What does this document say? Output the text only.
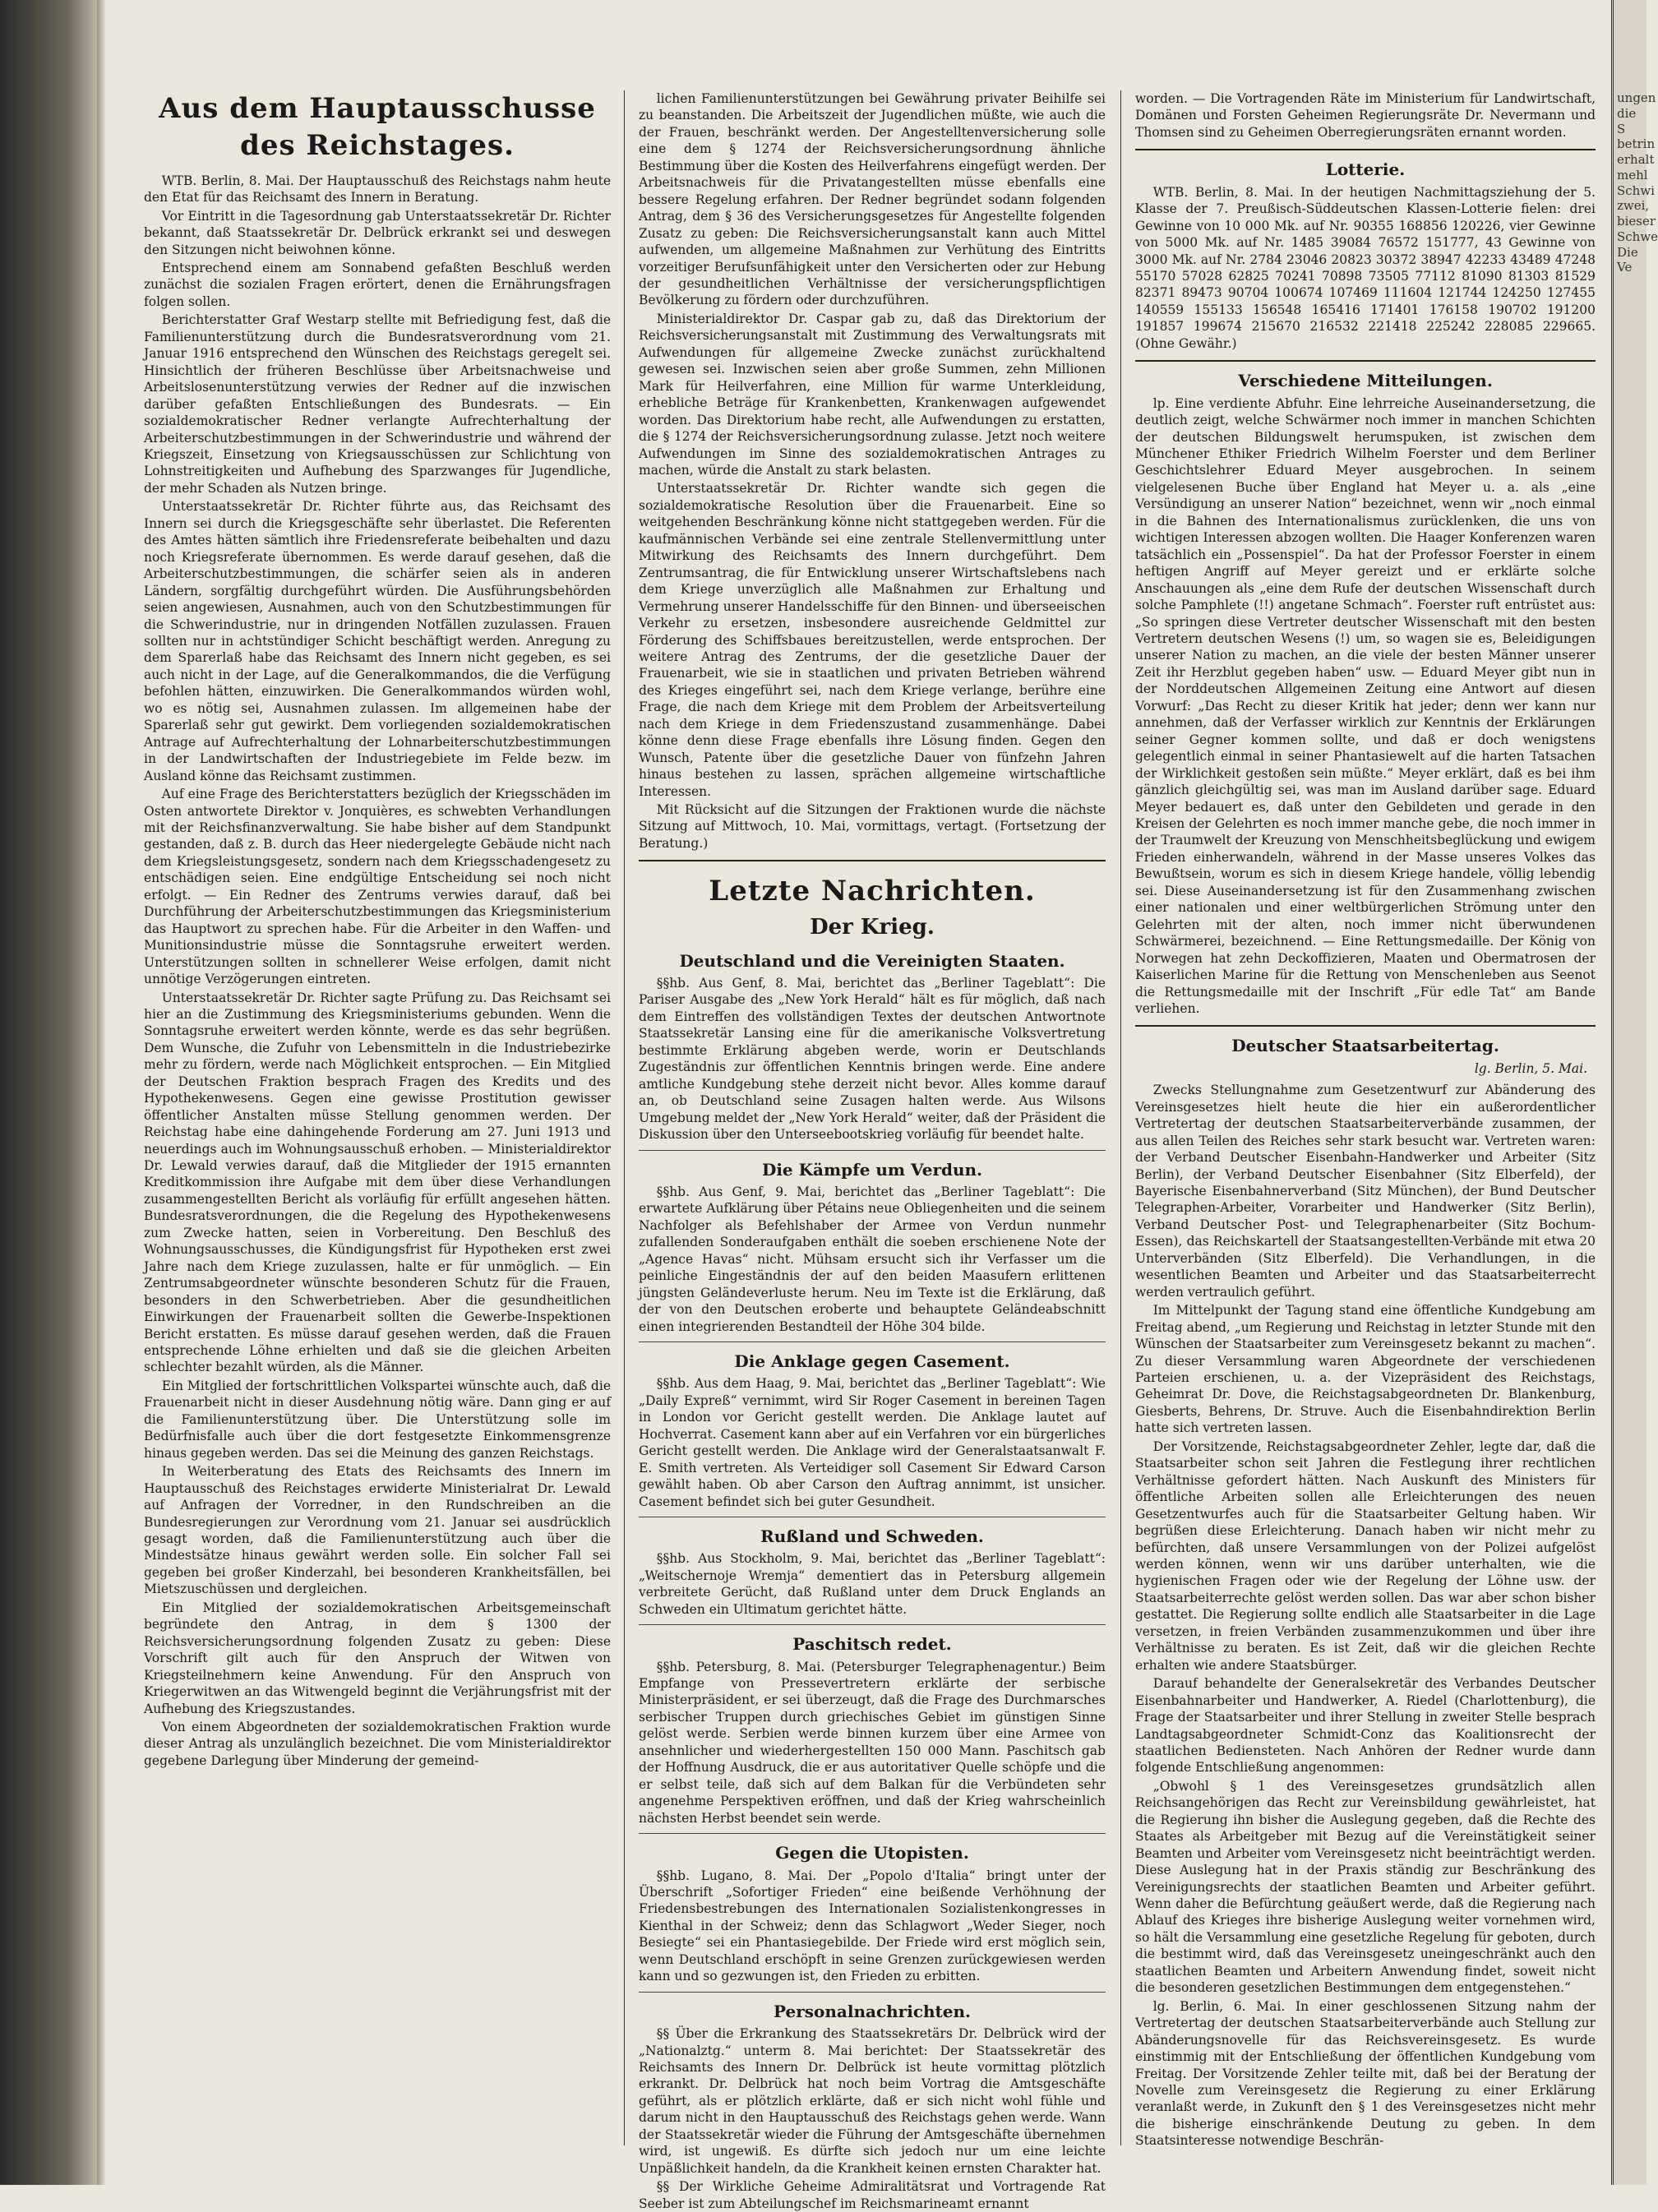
ungen
die S
betrin
erhalt
mehl
Schwi
zwei,
bieser
Schwe
Die Ve

Aus dem Hauptausschusse des Reichstages.

WTB. Berlin, 8. Mai. Der Hauptausschuß des Reichstags nahm heute den Etat für das Reichsamt des Innern in Beratung.

Vor Eintritt in die Tagesordnung gab Unterstaatssekretär Dr. Richter bekannt, daß Staatssekretär Dr. Delbrück erkrankt sei und deswegen den Sitzungen nicht beiwohnen könne.

Entsprechend einem am Sonnabend gefaßten Beschluß werden zunächst die sozialen Fragen erörtert, denen die Ernährungsfragen folgen sollen.

Berichterstatter Graf Westarp stellte mit Befriedigung fest, daß die Familienunterstützung durch die Bundesratsverordnung vom 21. Januar 1916 entsprechend den Wünschen des Reichstags geregelt sei. Hinsichtlich der früheren Beschlüsse über Arbeitsnachweise und Arbeitslosenunterstützung verwies der Redner auf die inzwischen darüber gefaßten Entschließungen des Bundesrats. — Ein sozialdemokratischer Redner verlangte Aufrechterhaltung der Arbeiterschutzbestimmungen in der Schwerindustrie und während der Kriegszeit, Einsetzung von Kriegsausschüssen zur Schlichtung von Lohnstreitigkeiten und Aufhebung des Sparzwanges für Jugendliche, der mehr Schaden als Nutzen bringe.

Unterstaatssekretär Dr. Richter führte aus, das Reichsamt des Innern sei durch die Kriegsgeschäfte sehr überlastet. Die Referenten des Amtes hätten sämtlich ihre Friedensreferate beibehalten und dazu noch Kriegsreferate übernommen. Es werde darauf gesehen, daß die Arbeiterschutzbestimmungen, die schärfer seien als in anderen Ländern, sorgfältig durchgeführt würden. Die Ausführungsbehörden seien angewiesen, Ausnahmen, auch von den Schutzbestimmungen für die Schwerindustrie, nur in dringenden Notfällen zuzulassen. Frauen sollten nur in achtstündiger Schicht beschäftigt werden. Anregung zu dem Sparerlaß habe das Reichsamt des Innern nicht gegeben, es sei auch nicht in der Lage, auf die Generalkommandos, die die Verfügung befohlen hätten, einzuwirken. Die Generalkommandos würden wohl, wo es nötig sei, Ausnahmen zulassen. Im allgemeinen habe der Sparerlaß sehr gut gewirkt. Dem vorliegenden sozialdemokratischen Antrage auf Aufrechterhaltung der Lohnarbeiterschutzbestimmungen in der Landwirtschaften der Industriegebiete im Felde bezw. im Ausland könne das Reichsamt zustimmen.

Auf eine Frage des Berichterstatters bezüglich der Kriegsschäden im Osten antwortete Direktor v. Jonquières, es schwebten Verhandlungen mit der Reichsfinanzverwaltung. Sie habe bisher auf dem Standpunkt gestanden, daß z. B. durch das Heer niedergelegte Gebäude nicht nach dem Kriegsleistungsgesetz, sondern nach dem Kriegsschadengesetz zu entschädigen seien. Eine endgültige Entscheidung sei noch nicht erfolgt. — Ein Redner des Zentrums verwies darauf, daß bei Durchführung der Arbeiterschutzbestimmungen das Kriegsministerium das Hauptwort zu sprechen habe. Für die Arbeiter in den Waffen- und Munitionsindustrie müsse die Sonntagsruhe erweitert werden. Unterstützungen sollten in schnellerer Weise erfolgen, damit nicht unnötige Verzögerungen eintreten.

Unterstaatssekretär Dr. Richter sagte Prüfung zu. Das Reichsamt sei hier an die Zustimmung des Kriegsministeriums gebunden. Wenn die Sonntagsruhe erweitert werden könnte, werde es das sehr begrüßen. Dem Wunsche, die Zufuhr von Lebensmitteln in die Industriebezirke mehr zu fördern, werde nach Möglichkeit entsprochen. — Ein Mitglied der Deutschen Fraktion besprach Fragen des Kredits und des Hypothekenwesens. Gegen eine gewisse Prostitution gewisser öffentlicher Anstalten müsse Stellung genommen werden. Der Reichstag habe eine dahingehende Forderung am 27. Juni 1913 und neuerdings auch im Wohnungsausschuß erhoben. — Ministerialdirektor Dr. Lewald verwies darauf, daß die Mitglieder der 1915 ernannten Kreditkommission ihre Aufgabe mit dem über diese Verhandlungen zusammengestellten Bericht als vorläufig für erfüllt angesehen hätten. Bundesratsverordnungen, die die Regelung des Hypothekenwesens zum Zwecke hatten, seien in Vorbereitung. Den Beschluß des Wohnungsausschusses, die Kündigungsfrist für Hypotheken erst zwei Jahre nach dem Kriege zuzulassen, halte er für unmöglich. — Ein Zentrumsabgeordneter wünschte besonderen Schutz für die Frauen, besonders in den Schwerbetrieben. Aber die gesundheitlichen Einwirkungen der Frauenarbeit sollten die Gewerbe-Inspektionen Bericht erstatten. Es müsse darauf gesehen werden, daß die Frauen entsprechende Löhne erhielten und daß sie die gleichen Arbeiten schlechter bezahlt würden, als die Männer.

Ein Mitglied der fortschrittlichen Volkspartei wünschte auch, daß die Frauenarbeit nicht in dieser Ausdehnung nötig wäre. Dann ging er auf die Familienunterstützung über. Die Unterstützung solle im Bedürfnisfalle auch über die dort festgesetzte Einkommensgrenze hinaus gegeben werden. Das sei die Meinung des ganzen Reichstags.

In Weiterberatung des Etats des Reichsamts des Innern im Hauptausschuß des Reichstages erwiderte Ministerialrat Dr. Lewald auf Anfragen der Vorredner, in den Rundschreiben an die Bundesregierungen zur Verordnung vom 21. Januar sei ausdrücklich gesagt worden, daß die Familienunterstützung auch über die Mindestsätze hinaus gewährt werden solle. Ein solcher Fall sei gegeben bei großer Kinderzahl, bei besonderen Krankheitsfällen, bei Mietszuschüssen und dergleichen.

Ein Mitglied der sozialdemokratischen Arbeitsgemeinschaft begründete den Antrag, in dem § 1300 der Reichsversicherungsordnung folgenden Zusatz zu geben: Diese Vorschrift gilt auch für den Anspruch der Witwen von Kriegsteilnehmern keine Anwendung. Für den Anspruch von Kriegerwitwen an das Witwengeld beginnt die Verjährungsfrist mit der Aufhebung des Kriegszustandes.

Von einem Abgeordneten der sozialdemokratischen Fraktion wurde dieser Antrag als unzulänglich bezeichnet. Die vom Ministerialdirektor gegebene Darlegung über Minderung der gemeind-

lichen Familienunterstützungen bei Gewährung privater Beihilfe sei zu beanstanden. Die Arbeitszeit der Jugendlichen müßte, wie auch die der Frauen, beschränkt werden. Der Angestelltenversicherung solle eine dem § 1274 der Reichsversicherungsordnung ähnliche Bestimmung über die Kosten des Heilverfahrens eingefügt werden. Der Arbeitsnachweis für die Privatangestellten müsse ebenfalls eine bessere Regelung erfahren. Der Redner begründet sodann folgenden Antrag, dem § 36 des Versicherungsgesetzes für Angestellte folgenden Zusatz zu geben: Die Reichsversicherungsanstalt kann auch Mittel aufwenden, um allgemeine Maßnahmen zur Verhütung des Eintritts vorzeitiger Berufsunfähigkeit unter den Versicherten oder zur Hebung der gesundheitlichen Verhältnisse der versicherungspflichtigen Bevölkerung zu fördern oder durchzuführen.

Ministerialdirektor Dr. Caspar gab zu, daß das Direktorium der Reichsversicherungsanstalt mit Zustimmung des Verwaltungsrats mit Aufwendungen für allgemeine Zwecke zunächst zurückhaltend gewesen sei. Inzwischen seien aber große Summen, zehn Millionen Mark für Heilverfahren, eine Million für warme Unterkleidung, erhebliche Beträge für Krankenbetten, Krankenwagen aufgewendet worden. Das Direktorium habe recht, alle Aufwendungen zu erstatten, die § 1274 der Reichsversicherungsordnung zulasse. Jetzt noch weitere Aufwendungen im Sinne des sozialdemokratischen Antrages zu machen, würde die Anstalt zu stark belasten.

Unterstaatssekretär Dr. Richter wandte sich gegen die sozialdemokratische Resolution über die Frauenarbeit. Eine so weitgehenden Beschränkung könne nicht stattgegeben werden. Für die kaufmännischen Verbände sei eine zentrale Stellenvermittlung unter Mitwirkung des Reichsamts des Innern durchgeführt. Dem Zentrumsantrag, die für Entwicklung unserer Wirtschaftslebens nach dem Kriege unverzüglich alle Maßnahmen zur Erhaltung und Vermehrung unserer Handelsschiffe für den Binnen- und überseeischen Verkehr zu ersetzen, insbesondere ausreichende Geldmittel zur Förderung des Schiffsbaues bereitzustellen, werde entsprochen. Der weitere Antrag des Zentrums, der die gesetzliche Dauer der Frauenarbeit, wie sie in staatlichen und privaten Betrieben während des Krieges eingeführt sei, nach dem Kriege verlange, berühre eine Frage, die nach dem Kriege mit dem Problem der Arbeitsverteilung nach dem Kriege in dem Friedenszustand zusammenhänge. Dabei könne denn diese Frage ebenfalls ihre Lösung finden. Gegen den Wunsch, Patente über die gesetzliche Dauer von fünfzehn Jahren hinaus bestehen zu lassen, sprächen allgemeine wirtschaftliche Interessen.

Mit Rücksicht auf die Sitzungen der Fraktionen wurde die nächste Sitzung auf Mittwoch, 10. Mai, vormittags, vertagt. (Fortsetzung der Beratung.)

Letzte Nachrichten.
Der Krieg.
Deutschland und die Vereinigten Staaten.

§§hb. Aus Genf, 8. Mai, berichtet das „Berliner Tageblatt“: Die Pariser Ausgabe des „New York Herald“ hält es für möglich, daß nach dem Eintreffen des vollständigen Textes der deutschen Antwortnote Staatssekretär Lansing eine für die amerikanische Volksvertretung bestimmte Erklärung abgeben werde, worin er Deutschlands Zugeständnis zur öffentlichen Kenntnis bringen werde. Eine andere amtliche Kundgebung stehe derzeit nicht bevor. Alles komme darauf an, ob Deutschland seine Zusagen halten werde. Aus Wilsons Umgebung meldet der „New York Herald“ weiter, daß der Präsident die Diskussion über den Unterseebootskrieg vorläufig für beendet halte.

Die Kämpfe um Verdun.

§§hb. Aus Genf, 9. Mai, berichtet das „Berliner Tageblatt“: Die erwartete Aufklärung über Pétains neue Obliegenheiten und die seinem Nachfolger als Befehlshaber der Armee von Verdun nunmehr zufallenden Sonderaufgaben enthält die soeben erschienene Note der „Agence Havas“ nicht. Mühsam ersucht sich ihr Verfasser um die peinliche Eingeständnis der auf den beiden Maasufern erlittenen jüngsten Geländeverluste herum. Neu im Texte ist die Erklärung, daß der von den Deutschen eroberte und behauptete Geländeabschnitt einen integrierenden Bestandteil der Höhe 304 bilde.

Die Anklage gegen Casement.

§§hb. Aus dem Haag, 9. Mai, berichtet das „Berliner Tageblatt“: Wie „Daily Expreß“ vernimmt, wird Sir Roger Casement in bereinen Tagen in London vor Gericht gestellt werden. Die Anklage lautet auf Hochverrat. Casement kann aber auf ein Verfahren vor ein bürgerliches Gericht gestellt werden. Die Anklage wird der Generalstaatsanwalt F. E. Smith vertreten. Als Verteidiger soll Casement Sir Edward Carson gewählt haben. Ob aber Carson den Auftrag annimmt, ist unsicher. Casement befindet sich bei guter Gesundheit.

Rußland und Schweden.

§§hb. Aus Stockholm, 9. Mai, berichtet das „Berliner Tageblatt“: „Weitschernoje Wremja“ dementiert das in Petersburg allgemein verbreitete Gerücht, daß Rußland unter dem Druck Englands an Schweden ein Ultimatum gerichtet hätte.

Paschitsch redet.

§§hb. Petersburg, 8. Mai. (Petersburger Telegraphenagentur.) Beim Empfange von Pressevertretern erklärte der serbische Ministerpräsident, er sei überzeugt, daß die Frage des Durchmarsches serbischer Truppen durch griechisches Gebiet im günstigen Sinne gelöst werde. Serbien werde binnen kurzem über eine Armee von ansehnlicher und wiederhergestellten 150 000 Mann. Paschitsch gab der Hoffnung Ausdruck, die er aus autoritativer Quelle schöpfe und die er selbst teile, daß sich auf dem Balkan für die Verbündeten sehr angenehme Perspektiven eröffnen, und daß der Krieg wahrscheinlich nächsten Herbst beendet sein werde.

Gegen die Utopisten.

§§hb. Lugano, 8. Mai. Der „Popolo d'Italia“ bringt unter der Überschrift „Sofortiger Frieden“ eine beißende Verhöhnung der Friedensbestrebungen des Internationalen Sozialistenkongresses in Kienthal in der Schweiz; denn das Schlagwort „Weder Sieger, noch Besiegte“ sei ein Phantasiegebilde. Der Friede wird erst möglich sein, wenn Deutschland erschöpft in seine Grenzen zurückgewiesen werden kann und so gezwungen ist, den Frieden zu erbitten.

Personalnachrichten.

§§ Über die Erkrankung des Staatssekretärs Dr. Delbrück wird der „Nationalztg.“ unterm 8. Mai berichtet: Der Staatssekretär des Reichsamts des Innern Dr. Delbrück ist heute vormittag plötzlich erkrankt. Dr. Delbrück hat noch beim Vortrag die Amtsgeschäfte geführt, als er plötzlich erklärte, daß er sich nicht wohl fühle und darum nicht in den Hauptausschuß des Reichstags gehen werde. Wann der Staatssekretär wieder die Führung der Amtsgeschäfte übernehmen wird, ist ungewiß. Es dürfte sich jedoch nur um eine leichte Unpäßlichkeit handeln, da die Krankheit keinen ernsten Charakter hat.

§§ Der Wirkliche Geheime Admiralitätsrat und Vortragende Rat Seeber ist zum Abteilungschef im Reichsmarineamt ernannt

worden. — Die Vortragenden Räte im Ministerium für Landwirtschaft, Domänen und Forsten Geheimen Regierungsräte Dr. Nevermann und Thomsen sind zu Geheimen Oberregierungsräten ernannt worden.

Lotterie.

WTB. Berlin, 8. Mai. In der heutigen Nachmittagsziehung der 5. Klasse der 7. Preußisch-Süddeutschen Klassen-Lotterie fielen: drei Gewinne von 10 000 Mk. auf Nr. 90355 168856 120226, vier Gewinne von 5000 Mk. auf Nr. 1485 39084 76572 151777, 43 Gewinne von 3000 Mk. auf Nr. 2784 23046 20823 30372 38947 42233 43489 47248 55170 57028 62825 70241 70898 73505 77112 81090 81303 81529 82371 89473 90704 100674 107469 111604 121744 124250 127455 140559 155133 156548 165416 171401 176158 190702 191200 191857 199674 215670 216532 221418 225242 228085 229665. (Ohne Gewähr.)

Verschiedene Mitteilungen.

lp. Eine verdiente Abfuhr. Eine lehrreiche Auseinandersetzung, die deutlich zeigt, welche Schwärmer noch immer in manchen Schichten der deutschen Bildungswelt herumspuken, ist zwischen dem Münchener Ethiker Friedrich Wilhelm Foerster und dem Berliner Geschichtslehrer Eduard Meyer ausgebrochen. In seinem vielgelesenen Buche über England hat Meyer u. a. als „eine Versündigung an unserer Nation“ bezeichnet, wenn wir „noch einmal in die Bahnen des Internationalismus zurücklenken, die uns von wichtigen Interessen abzogen wollten. Die Haager Konferenzen waren tatsächlich ein „Possenspiel“. Da hat der Professor Foerster in einem heftigen Angriff auf Meyer gereizt und er erklärte solche Anschauungen als „eine dem Rufe der deutschen Wissenschaft durch solche Pamphlete (!!) angetane Schmach“. Foerster ruft entrüstet aus: „So springen diese Vertreter deutscher Wissenschaft mit den besten Vertretern deutschen Wesens (!) um, so wagen sie es, Beleidigungen unserer Nation zu machen, an die viele der besten Männer unserer Zeit ihr Herzblut gegeben haben“ usw. — Eduard Meyer gibt nun in der Norddeutschen Allgemeinen Zeitung eine Antwort auf diesen Vorwurf: „Das Recht zu dieser Kritik hat jeder; denn wer kann nur annehmen, daß der Verfasser wirklich zur Kenntnis der Erklärungen seiner Gegner kommen sollte, und daß er doch wenigstens gelegentlich einmal in seiner Phantasiewelt auf die harten Tatsachen der Wirklichkeit gestoßen sein müßte.“ Meyer erklärt, daß es bei ihm gänzlich gleichgültig sei, was man im Ausland darüber sage. Eduard Meyer bedauert es, daß unter den Gebildeten und gerade in den Kreisen der Gelehrten es noch immer manche gebe, die noch immer in der Traumwelt der Kreuzung von Menschheitsbeglückung und ewigem Frieden einherwandeln, während in der Masse unseres Volkes das Bewußtsein, worum es sich in diesem Kriege handele, völlig lebendig sei. Diese Auseinandersetzung ist für den Zusammenhang zwischen einer nationalen und einer weltbürgerlichen Strömung unter den Gelehrten mit der alten, noch immer nicht überwundenen Schwärmerei, bezeichnend. — Eine Rettungsmedaille. Der König von Norwegen hat zehn Deckoffizieren, Maaten und Obermatrosen der Kaiserlichen Marine für die Rettung von Menschenleben aus Seenot die Rettungsmedaille mit der Inschrift „Für edle Tat“ am Bande verliehen.

Deutscher Staatsarbeitertag.
lg. Berlin, 5. Mai.

Zwecks Stellungnahme zum Gesetzentwurf zur Abänderung des Vereinsgesetzes hielt heute die hier ein außerordentlicher Vertretertag der deutschen Staatsarbeiterverbände zusammen, der aus allen Teilen des Reiches sehr stark besucht war. Vertreten waren: der Verband Deutscher Eisenbahn-Handwerker und Arbeiter (Sitz Berlin), der Verband Deutscher Eisenbahner (Sitz Elberfeld), der Bayerische Eisenbahnerverband (Sitz München), der Bund Deutscher Telegraphen-Arbeiter, Vorarbeiter und Handwerker (Sitz Berlin), Verband Deutscher Post- und Telegraphenarbeiter (Sitz Bochum-Essen), das Reichskartell der Staatsangestellten-Verbände mit etwa 20 Unterverbänden (Sitz Elberfeld). Die Verhandlungen, in die wesentlichen Beamten und Arbeiter und das Staatsarbeiterrecht werden vertraulich geführt.

Im Mittelpunkt der Tagung stand eine öffentliche Kundgebung am Freitag abend, „um Regierung und Reichstag in letzter Stunde mit den Wünschen der Staatsarbeiter zum Vereinsgesetz bekannt zu machen“. Zu dieser Versammlung waren Abgeordnete der verschiedenen Parteien erschienen, u. a. der Vizepräsident des Reichstags, Geheimrat Dr. Dove, die Reichstagsabgeordneten Dr. Blankenburg, Giesberts, Behrens, Dr. Struve. Auch die Eisenbahndirektion Berlin hatte sich vertreten lassen.

Der Vorsitzende, Reichstagsabgeordneter Zehler, legte dar, daß die Staatsarbeiter schon seit Jahren die Festlegung ihrer rechtlichen Verhältnisse gefordert hätten. Nach Auskunft des Ministers für öffentliche Arbeiten sollen alle Erleichterungen des neuen Gesetzentwurfes auch für die Staatsarbeiter Geltung haben. Wir begrüßen diese Erleichterung. Danach haben wir nicht mehr zu befürchten, daß unsere Versammlungen von der Polizei aufgelöst werden können, wenn wir uns darüber unterhalten, wie die hygienischen Fragen oder wie der Regelung der Löhne usw. der Staatsarbeiterrechte gelöst werden sollen. Das war aber schon bisher gestattet. Die Regierung sollte endlich alle Staatsarbeiter in die Lage versetzen, in freien Verbänden zusammenzukommen und über ihre Verhältnisse zu beraten. Es ist Zeit, daß wir die gleichen Rechte erhalten wie andere Staatsbürger.

Darauf behandelte der Generalsekretär des Verbandes Deutscher Eisenbahnarbeiter und Handwerker, A. Riedel (Charlottenburg), die Frage der Staatsarbeiter und ihrer Stellung in zweiter Stelle besprach Landtagsabgeordneter Schmidt-Conz das Koalitionsrecht der staatlichen Bediensteten. Nach Anhören der Redner wurde dann folgende Entschließung angenommen:

„Obwohl § 1 des Vereinsgesetzes grundsätzlich allen Reichsangehörigen das Recht zur Vereinsbildung gewährleistet, hat die Regierung ihn bisher die Auslegung gegeben, daß die Rechte des Staates als Arbeitgeber mit Bezug auf die Vereinstätigkeit seiner Beamten und Arbeiter vom Vereinsgesetz nicht beeinträchtigt werden. Diese Auslegung hat in der Praxis ständig zur Beschränkung des Vereinigungsrechts der staatlichen Beamten und Arbeiter geführt. Wenn daher die Befürchtung geäußert werde, daß die Regierung nach Ablauf des Krieges ihre bisherige Auslegung weiter vornehmen wird, so hält die Versammlung eine gesetzliche Regelung für geboten, durch die bestimmt wird, daß das Vereinsgesetz uneingeschränkt auch den staatlichen Beamten und Arbeitern Anwendung findet, soweit nicht die besonderen gesetzlichen Bestimmungen dem entgegenstehen.“

lg. Berlin, 6. Mai. In einer geschlossenen Sitzung nahm der Vertretertag der deutschen Staatsarbeiterverbände auch Stellung zur Abänderungsnovelle für das Reichsvereinsgesetz. Es wurde einstimmig mit der Entschließung der öffentlichen Kundgebung vom Freitag. Der Vorsitzende Zehler teilte mit, daß bei der Beratung der Novelle zum Vereinsgesetz die Regierung zu einer Erklärung veranlaßt werde, in Zukunft den § 1 des Vereinsgesetzes nicht mehr die bisherige einschränkende Deutung zu geben. In dem Staatsinteresse notwendige Beschrän-
